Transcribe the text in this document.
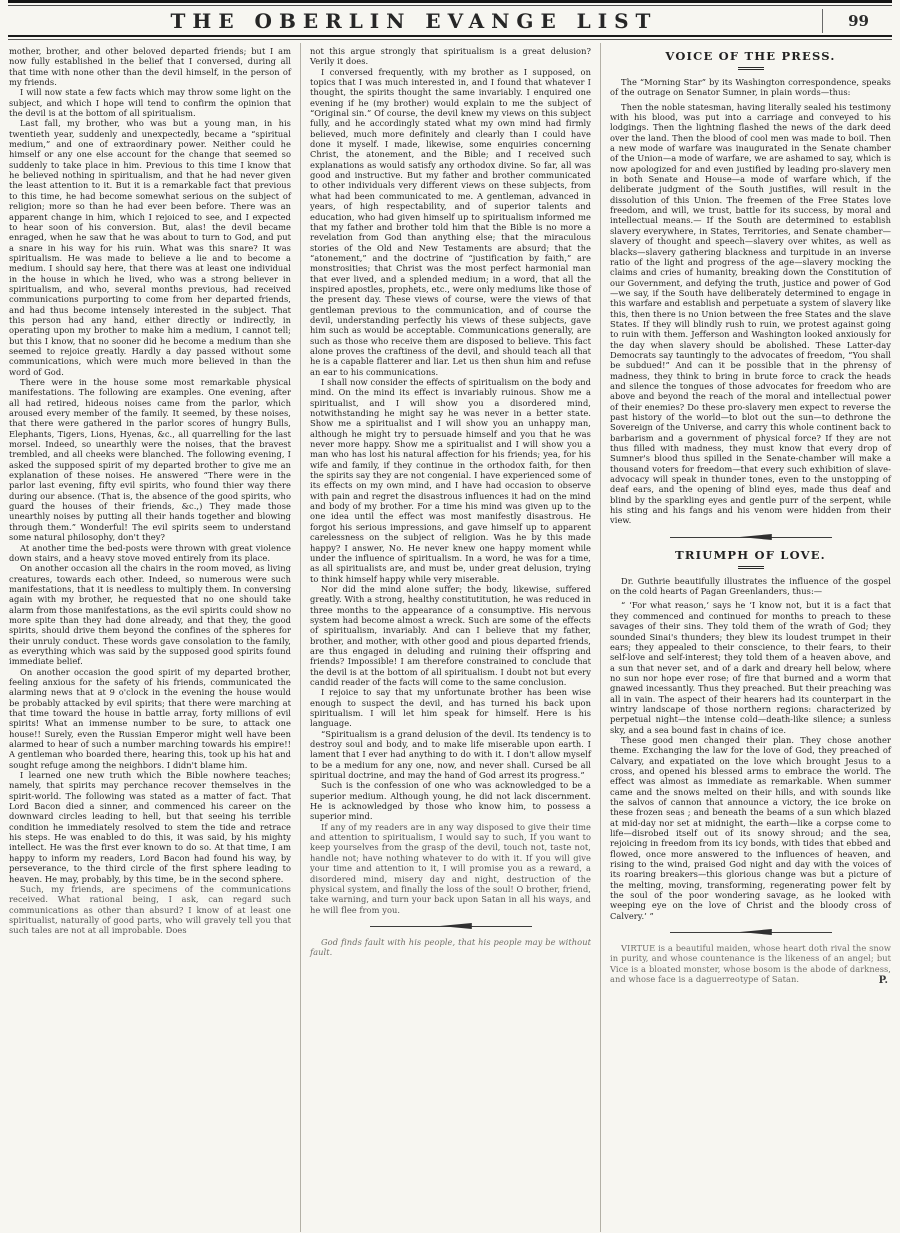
THE OBERLIN EVANGE LIST	99

mother, brother, and other beloved departed friends; but I am now fully established in the belief that I conversed, during all that time with none other than the devil himself, in the person of my friends.

I will now state a few facts which may throw some light on the subject, and which I hope will tend to confirm the opinion that the devil is at the bottom of all spiritualism.

Last fall, my brother, who was but a young man, in his twentieth year, suddenly and unexpectedly, became a “spiritual medium,” and one of extraordinary power. Neither could he himself or any one else account for the change that seemed so suddenly to take place in him. Previous to this time I know that he believed nothing in spiritualism, and that he had never given the least attention to it. But it is a remarkable fact that previous to this time, he had become somewhat serious on the subject of religion; more so than he had ever been before. There was an apparent change in him, which I rejoiced to see, and I expected to hear soon of his conversion. But, alas! the devil became enraged, when he saw that he was about to turn to God, and put a snare in his way for his ruin. What was this snare? It was spiritualism. He was made to believe a lie and to become a medium. I should say here, that there was at least one individual in the house in which he lived, who was a strong believer in spiritualism, and who, several months previous, had received communications purporting to come from her departed friends, and had thus become intensely interested in the subject. That this person had any hand, either directly or indirectly, in operating upon my brother to make him a medium, I cannot tell; but this I know, that no sooner did he become a medium than she seemed to rejoice greatly. Hardly a day passed without some communications, which were much more believed in than the word of God.

There were in the house some most remarkable physical manifestations. The following are examples. One evening, after all had retired, hideous noises came from the parlor, which aroused every member of the family. It seemed, by these noises, that there were gathered in the parlor scores of hungry Bulls, Elephants, Tigers, Lions, Hyenas, &c., all quarrelling for the last morsel. Indeed, so unearthly were the noises, that the bravest trembled, and all cheeks were blanched. The following evening, I asked the supposed spirit of my departed brother to give me an explanation of these noises. He answered “There were in the parlor last evening, fifty evil spirits, who found thier way there during our absence. (That is, the absence of the good spirits, who guard the houses of their friends, &c.,) They made those unearthly noises by putting all their hands together and blowing through them.” Wonderful! The evil spirits seem to understand some natural philosophy, don't they?

At another time the bed-posts were thrown with great violence down stairs, and a heavy stove moved entirely from its place.

On another occasion all the chairs in the room moved, as living creatures, towards each other. Indeed, so numerous were such manifestations, that it is needless to multiply them. In conversing again with my brother, he requested that no one should take alarm from those manifestations, as the evil spirits could show no more spite than they had done already, and that they, the good spirits, should drive them beyond the confines of the spheres for their unruly conduct. These words gave consolation to the family, as everything which was said by the supposed good spirits found immediate belief.

On another occasion the good spirit of my departed brother, feeling anxious for the safety of his friends, communicated the alarming news that at 9 o'clock in the evening the house would be probably attacked by evil spirits; that there were marching at that time toward the house in battle array, forty millions of evil spirits! What an immense number to be sure, to attack one house!! Surely, even the Russian Emperor might well have been alarmed to hear of such a number marching towards his empire!! A gentleman who boarded there, hearing this, took up his hat and sought refuge among the neighbors. I didn't blame him.

I learned one new truth which the Bible nowhere teaches; namely, that spirits may perchance recover themselves in the spirit-world. The following was stated as a matter of fact. That Lord Bacon died a sinner, and commenced his career on the downward circles leading to hell, but that seeing his terrible condition he immediately resolved to stem the tide and retrace his steps. He was enabled to do this, it was said, by his mighty intellect. He was the first ever known to do so. At that time, I am happy to inform my readers, Lord Bacon had found his way, by perseverance, to the third circle of the first sphere leading to heaven. He may, probably, by this time, be in the second sphere.

Such, my friends, are specimens of the communications received. What rational being, I ask, can regard such communications as other than absurd? I know of at least one spiritualist, naturally of good parts, who will gravely tell you that such tales are not at all improbable. Does

not this argue strongly that spiritualism is a great delusion? Verily it does.

I conversed frequently, with my brother as I supposed, on topics that I was much interested in, and I found that whatever I thought, the spirits thought the same invariably. I enquired one evening if he (my brother) would explain to me the subject of “Original sin.” Of course, the devil knew my views on this subject fully, and he accordingly stated what my own mind had firmly believed, much more definitely and clearly than I could have done it myself. I made, likewise, some enquiries concerning Christ, the atonement, and the Bible; and I received such explanations as would satisfy any orthodox divine. So far, all was good and instructive. But my father and brother communicated to other individuals very different views on these subjects, from what had been communicated to me. A gentleman, advanced in years, of high respectability, and of superior talents and education, who had given himself up to spiritualism informed me that my father and brother told him that the Bible is no more a revelation from God than anything else; that the miraculous stories of the Old and New Testaments are absurd; that the “atonement,” and the doctrine of “justification by faith,” are monstrosities; that Christ was the most perfect harmonial man that ever lived, and a splended medium; in a word, that all the inspired apostles, prophets, etc., were only mediums like those of the present day. These views of course, were the views of that gentleman previous to the communication, and of course the devil, understanding perfectly his views of these subjects, gave him such as would be acceptable. Communications generally, are such as those who receive them are disposed to believe. This fact alone proves the craftiness of the devil, and should teach all that he is a capable flatterer and liar. Let us then shun him and refuse an ear to his communications.

I shall now consider the effects of spiritualism on the body and mind. On the mind its effect is invariably ruinous. Show me a spiritualist, and I will show you a disordered mind, notwithstanding he might say he was never in a better state. Show me a spiritualist and I will show you an unhappy man, although he might try to persuade himself and you that he was never more happy. Show me a spiritualist and I will show you a man who has lost his natural affection for his friends; yea, for his wife and family, if they continue in the orthodox faith, for then the spirits say they are not congenial. I have experienced some of its effects on my own mind, and I have had occasion to observe with pain and regret the disastrous influences it had on the mind and body of my brother. For a time his mind was given up to the one idea until the effect was most manifestly disastrous. He forgot his serious impressions, and gave himself up to apparent carelessness on the subject of religion. Was he by this made happy? I answer, No. He never knew one happy moment while under the influence of spiritualism. In a word, he was for a time, as all spiritualists are, and must be, under great delusion, trying to think himself happy while very miserable.

Nor did the mind alone suffer; the body, likewise, suffered greatly. With a strong, healthy constitutitution, he was reduced in three months to the appearance of a consumptive. His nervous system had become almost a wreck. Such are some of the effects of spiritualism, invariably. And can I believe that my father, brother, and mother, with other good and pious departed friends, are thus engaged in deluding and ruining their offspring and friends? Impossible! I am therefore constrained to conclude that the devil is at the bottom of all spiritualism. I doubt not but every candid reader of the facts will come to the same conclusion.

I rejoice to say that my unfortunate brother has been wise enough to suspect the devil, and has turned his back upon spiritualism. I will let him speak for himself. Here is his language.

“Spiritualism is a grand delusion of the devil. Its tendency is to destroy soul and body, and to make life miserable upon earth. I lament that I ever had anything to do with it. I don't allow myself to be a medium for any one, now, and never shall. Cursed be all spiritual doctrine, and may the hand of God arrest its progress.”

Such is the confession of one who was acknowledged to be a superior medium. Although young, he did not lack discernment. He is acknowledged by those who know him, to possess a superior mind.

If any of my readers are in any way disposed to give their time and attention to spiritualism, I would say to such, If you want to keep yourselves from the grasp of the devil, touch not, taste not, handle not; have nothing whatever to do with it. If you will give your time and attention to it, I will promise you as a reward, a disordered mind, misery day and night, destruction of the physical system, and finally the loss of the soul! O brother, friend, take warning, and turn your back upon Satan in all his ways, and he will flee from you.

God finds fault with his people, that his people may be without fault.

VOICE OF THE PRESS.

The “Morning Star” by its Washington correspondence, speaks of the outrage on Senator Sumner, in plain words—thus:

Then the noble statesman, having literally sealed his testimony with his blood, was put into a carriage and conveyed to his lodgings. Then the lightning flashed the news of the dark deed over the land. Then the blood of cool men was made to boil. Then a new mode of warfare was inaugurated in the Senate chamber of the Union—a mode of warfare, we are ashamed to say, which is now apologized for and even justified by leading pro-slavery men in both Senate and House—a mode of warfare which, if the deliberate judgment of the South justifies, will result in the dissolution of this Union. The freemen of the Free States love freedom, and will, we trust, battle for its success, by moral and intellectual means.— If the South are determined to establish slavery everywhere, in States, Territories, and Senate chamber—slavery of thought and speech—slavery over whites, as well as blacks—slavery gathering blackness and turpitude in an inverse ratio of the light and progress of the age—slavery mocking the claims and cries of humanity, breaking down the Constitution of our Government, and defying the truth, justice and power of God—we say, if the South have deliberately determined to engage in this warfare and establish and perpetuate a system of slavery like this, then there is no Union between the free States and the slave States. If they will blindly rush to ruin, we protest against going to ruin with them. Jefferson and Washington looked anxiously for the day when slavery should be abolished. These Latter-day Democrats say tauntingly to the advocates of freedom, “You shall be subdued!” And can it be possible that in the phrensy of madness, they think to bring in brute force to crack the heads and silence the tongues of those advocates for freedom who are above and beyond the reach of the moral and intellectual power of their enemies? Do these pro-slavery men expect to reverse the past history of the world—to blot out the sun—to dethrone the Sovereign of the Universe, and carry this whole continent back to barbarism and a government of physical force? If they are not thus filled with madness, they must know that every drop of Sumner's blood thus spilled in the Senate-chamber will make a thousand voters for freedom—that every such exhibition of slave-advocacy will speak in thunder tones, even to the unstopping of deaf ears, and the opening of blind eyes, made thus deaf and blind by the sparkling eyes and gentle purr of the serpent, while his sting and his fangs and his venom were hidden from their view.

TRIUMPH OF LOVE.

Dr. Guthrie beautifully illustrates the influence of the gospel on the cold hearts of Pagan Greenlanders, thus:—

“ ‘For what reason,’ says he ‘I know not, but it is a fact that they commenced and continued for months to preach to these savages of their sins. They told them of the wrath of God; they sounded Sinai's thunders; they blew its loudest trumpet in their ears; they appealed to their conscience, to their fears, to their self-love and self-interest; they told them of a heaven above, and a sun that never set, and of a dark and dreary hell below, where no sun nor hope ever rose; of fire that burned and a worm that gnawed incessantly. Thus they preached. But their preaching was all in vain. The aspect of their hearers had its counterpart in the wintry landscape of those northern regions: characterized by perpetual night—the intense cold—death-like silence; a sunless sky, and a sea bound fast in chains of ice.

These good men changed their plan. They chose another theme. Exchanging the law for the love of God, they preached of Calvary, and expatiated on the love which brought Jesus to a cross, and opened his blessed arms to embrace the world. The effect was almost as immediate as remarkable. When summer came and the snows melted on their hills, and with sounds like the salvos of cannon that announce a victory, the ice broke on these frozen seas ; and beneath the beams of a sun which blazed at mid-day nor set at midnight, the earth—like a corpse come to life—disrobed itself out of its snowy shroud; and the sea, rejoicing in freedom from its icy bonds, with tides that ebbed and flowed, once more answered to the influences of heaven, and rising to the wind, praised God night and day with the voices of its roaring breakers—this glorious change was but a picture of the melting, moving, transforming, regenerating power felt by the soul of the poor wondering savage, as he looked with weeping eye on the love of Christ and the bloody cross of Calvery.’ ”

VIRTUE is a beautiful maiden, whose heart doth rival the snow in purity, and whose countenance is the likeness of an angel; but Vice is a bloated monster, whose bosom is the abode of darkness, and whose face is a daguerreotype of Satan.	P.
